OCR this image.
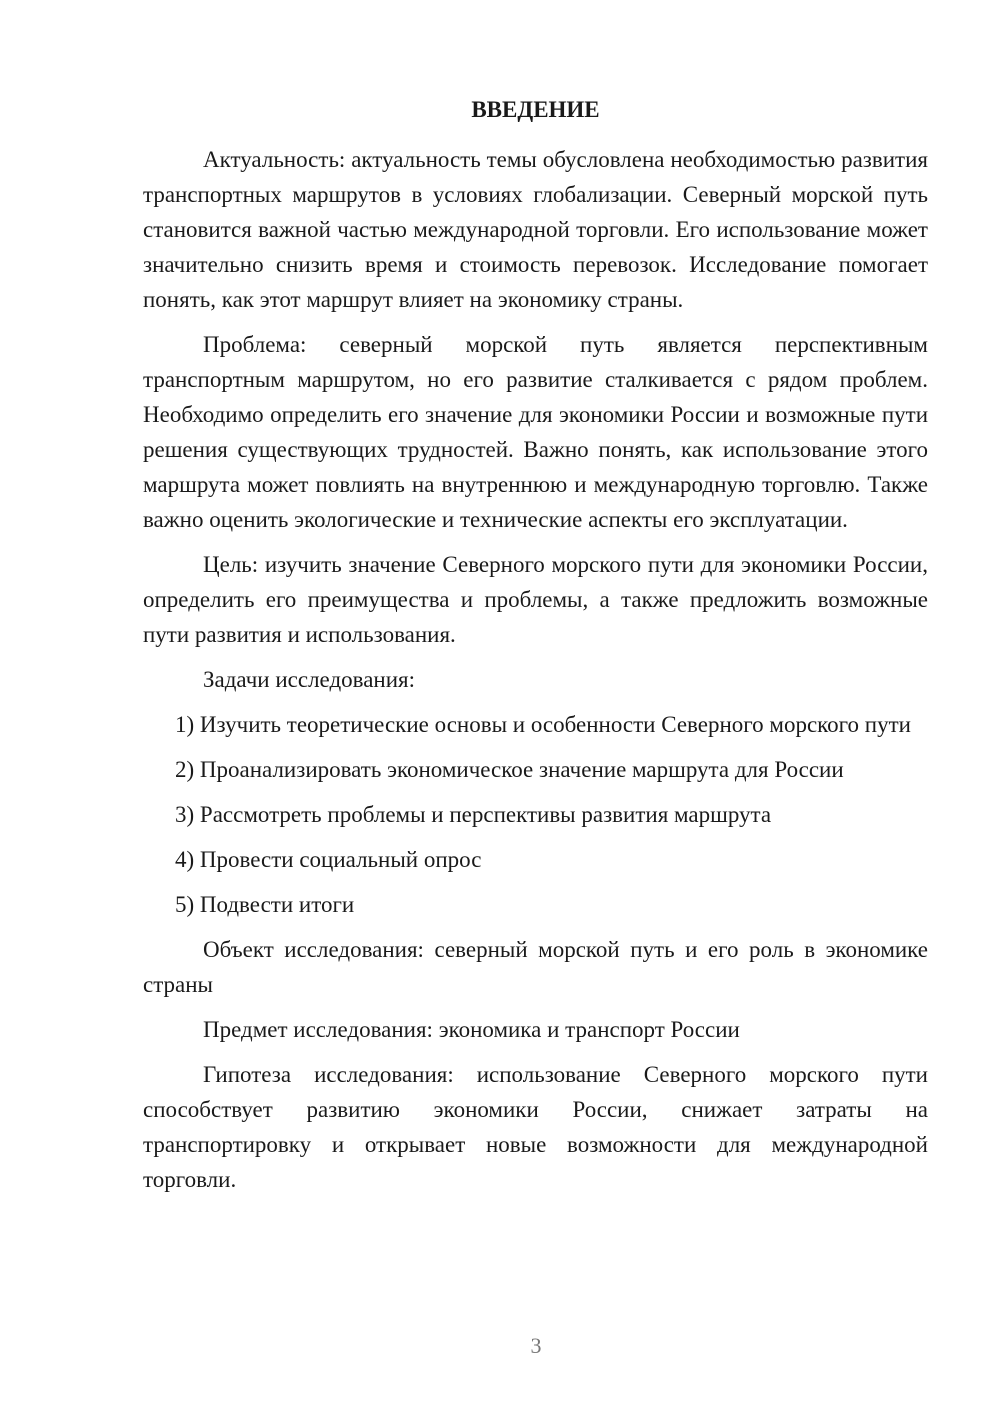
ВВЕДЕНИЕ

Актуальность: актуальность темы обусловлена необходимостью развития транспортных маршрутов в условиях глобализации. Северный морской путь становится важной частью международной торговли. Его использование может значительно снизить время и стоимость перевозок. Исследование помогает понять, как этот маршрут влияет на экономику страны.

Проблема: северный морской путь является перспективным транспортным маршрутом, но его развитие сталкивается с рядом проблем. Необходимо определить его значение для экономики России и возможные пути решения существующих трудностей. Важно понять, как использование этого маршрута может повлиять на внутреннюю и международную торговлю. Также важно оценить экологические и технические аспекты его эксплуатации.

Цель: изучить значение Северного морского пути для экономики России, определить его преимущества и проблемы, а также предложить возможные пути развития и использования.

Задачи исследования:

1) Изучить теоретические основы и особенности Северного морского пути

2) Проанализировать экономическое значение маршрута для России

3) Рассмотреть проблемы и перспективы развития маршрута

4) Провести социальный опрос

5) Подвести итоги

Объект исследования: северный морской путь и его роль в экономике страны

Предмет исследования: экономика и транспорт России

Гипотеза исследования: использование Северного морского пути способствует развитию экономики России, снижает затраты на транспортировку и открывает новые возможности для международной торговли.

3
